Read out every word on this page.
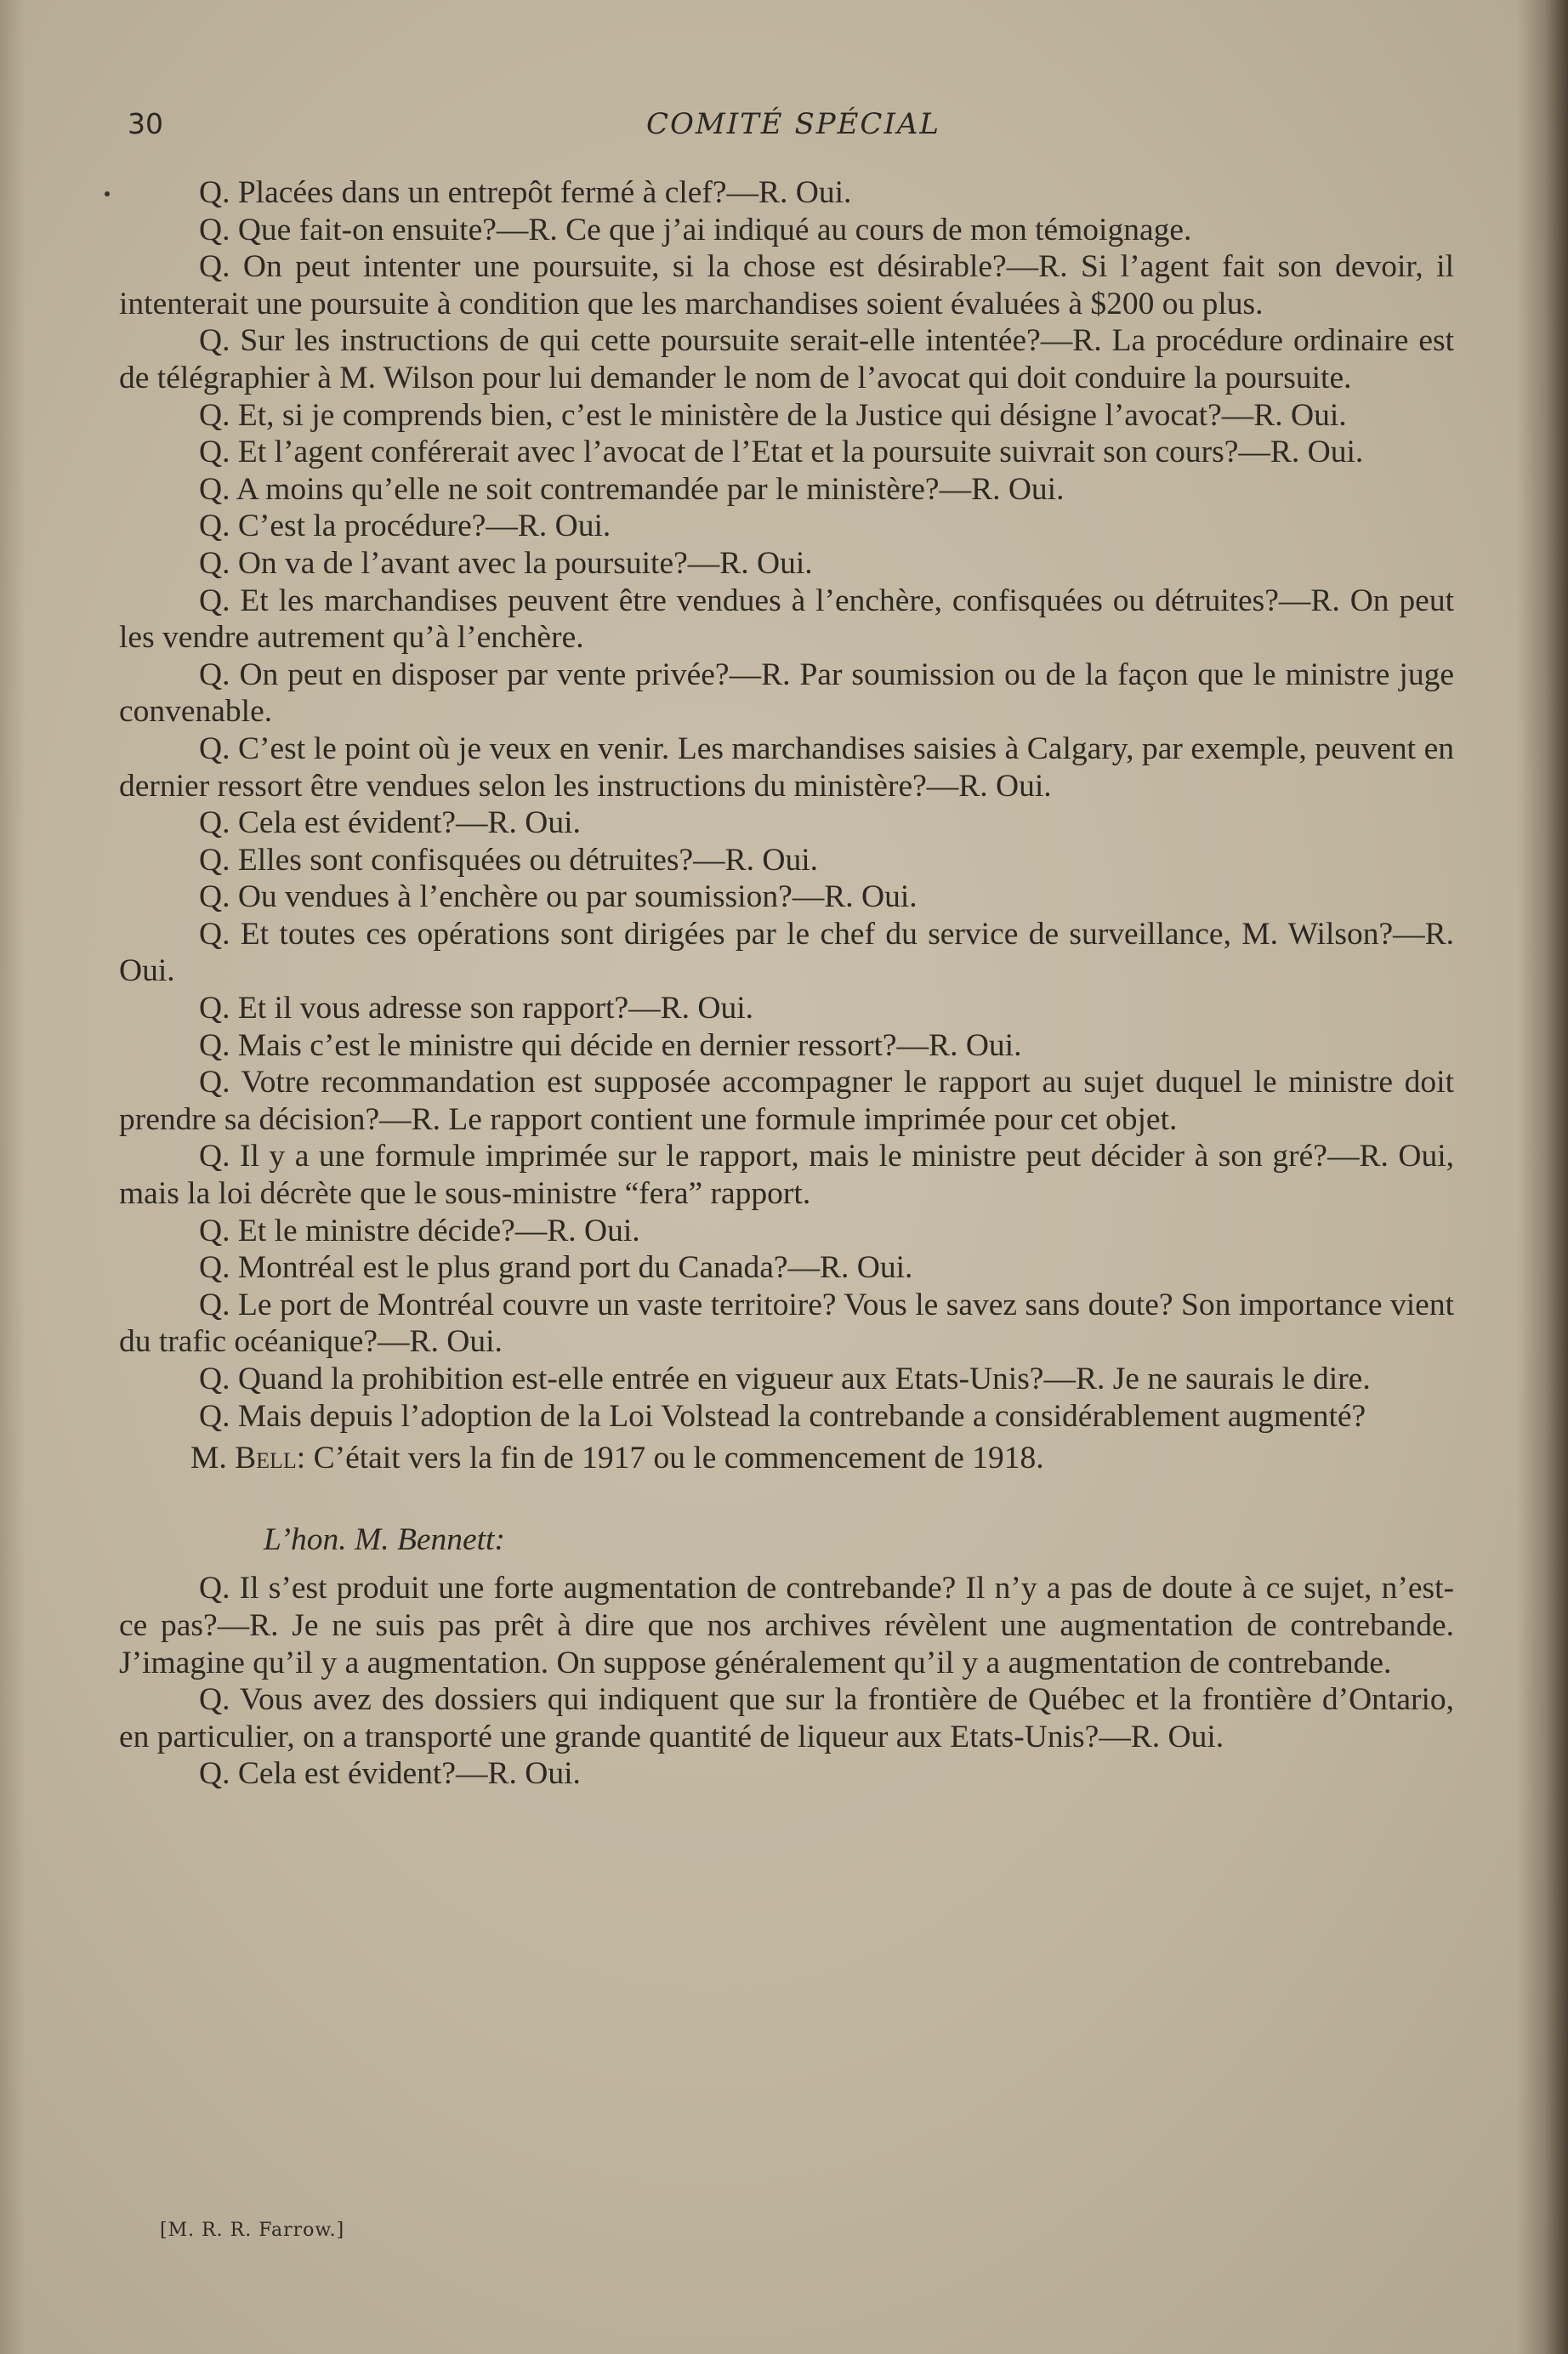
30	COMITÉ SPÉCIAL

Q. Placées dans un entrepôt fermé à clef?—R. Oui.

Q. Que fait-on ensuite?—R. Ce que j’ai indiqué au cours de mon témoignage.

Q. On peut intenter une poursuite, si la chose est désirable?—R. Si l’agent fait son devoir, il intenterait une poursuite à condition que les marchandises soient évaluées à $200 ou plus.

Q. Sur les instructions de qui cette poursuite serait-elle intentée?—R. La procédure ordinaire est de télégraphier à M. Wilson pour lui demander le nom de l’avocat qui doit conduire la poursuite.

Q. Et, si je comprends bien, c’est le ministère de la Justice qui désigne l’avocat?—R. Oui.

Q. Et l’agent conférerait avec l’avocat de l’Etat et la poursuite suivrait son cours?—R. Oui.

Q. A moins qu’elle ne soit contremandée par le ministère?—R. Oui.

Q. C’est la procédure?—R. Oui.

Q. On va de l’avant avec la poursuite?—R. Oui.

Q. Et les marchandises peuvent être vendues à l’enchère, confisquées ou détruites?—R. On peut les vendre autrement qu’à l’enchère.

Q. On peut en disposer par vente privée?—R. Par soumission ou de la façon que le ministre juge convenable.

Q. C’est le point où je veux en venir. Les marchandises saisies à Calgary, par exemple, peuvent en dernier ressort être vendues selon les instructions du ministère?—R. Oui.

Q. Cela est évident?—R. Oui.

Q. Elles sont confisquées ou détruites?—R. Oui.

Q. Ou vendues à l’enchère ou par soumission?—R. Oui.

Q. Et toutes ces opérations sont dirigées par le chef du service de surveillance, M. Wilson?—R. Oui.

Q. Et il vous adresse son rapport?—R. Oui.

Q. Mais c’est le ministre qui décide en dernier ressort?—R. Oui.

Q. Votre recommandation est supposée accompagner le rapport au sujet duquel le ministre doit prendre sa décision?—R. Le rapport contient une formule imprimée pour cet objet.

Q. Il y a une formule imprimée sur le rapport, mais le ministre peut décider à son gré?—R. Oui, mais la loi décrète que le sous-ministre “fera” rapport.

Q. Et le ministre décide?—R. Oui.

Q. Montréal est le plus grand port du Canada?—R. Oui.

Q. Le port de Montréal couvre un vaste territoire? Vous le savez sans doute? Son importance vient du trafic océanique?—R. Oui.

Q. Quand la prohibition est-elle entrée en vigueur aux Etats-Unis?—R. Je ne saurais le dire.

Q. Mais depuis l’adoption de la Loi Volstead la contrebande a considérablement augmenté?

M. Bell: C’était vers la fin de 1917 ou le commencement de 1918.

L’hon. M. Bennett:

Q. Il s’est produit une forte augmentation de contrebande? Il n’y a pas de doute à ce sujet, n’est-ce pas?—R. Je ne suis pas prêt à dire que nos archives révèlent une augmentation de contrebande. J’imagine qu’il y a augmentation. On suppose généralement qu’il y a augmentation de contrebande.

Q. Vous avez des dossiers qui indiquent que sur la frontière de Québec et la frontière d’Ontario, en particulier, on a transporté une grande quantité de liqueur aux Etats-Unis?—R. Oui.

Q. Cela est évident?—R. Oui.

[M. R. R. Farrow.]
